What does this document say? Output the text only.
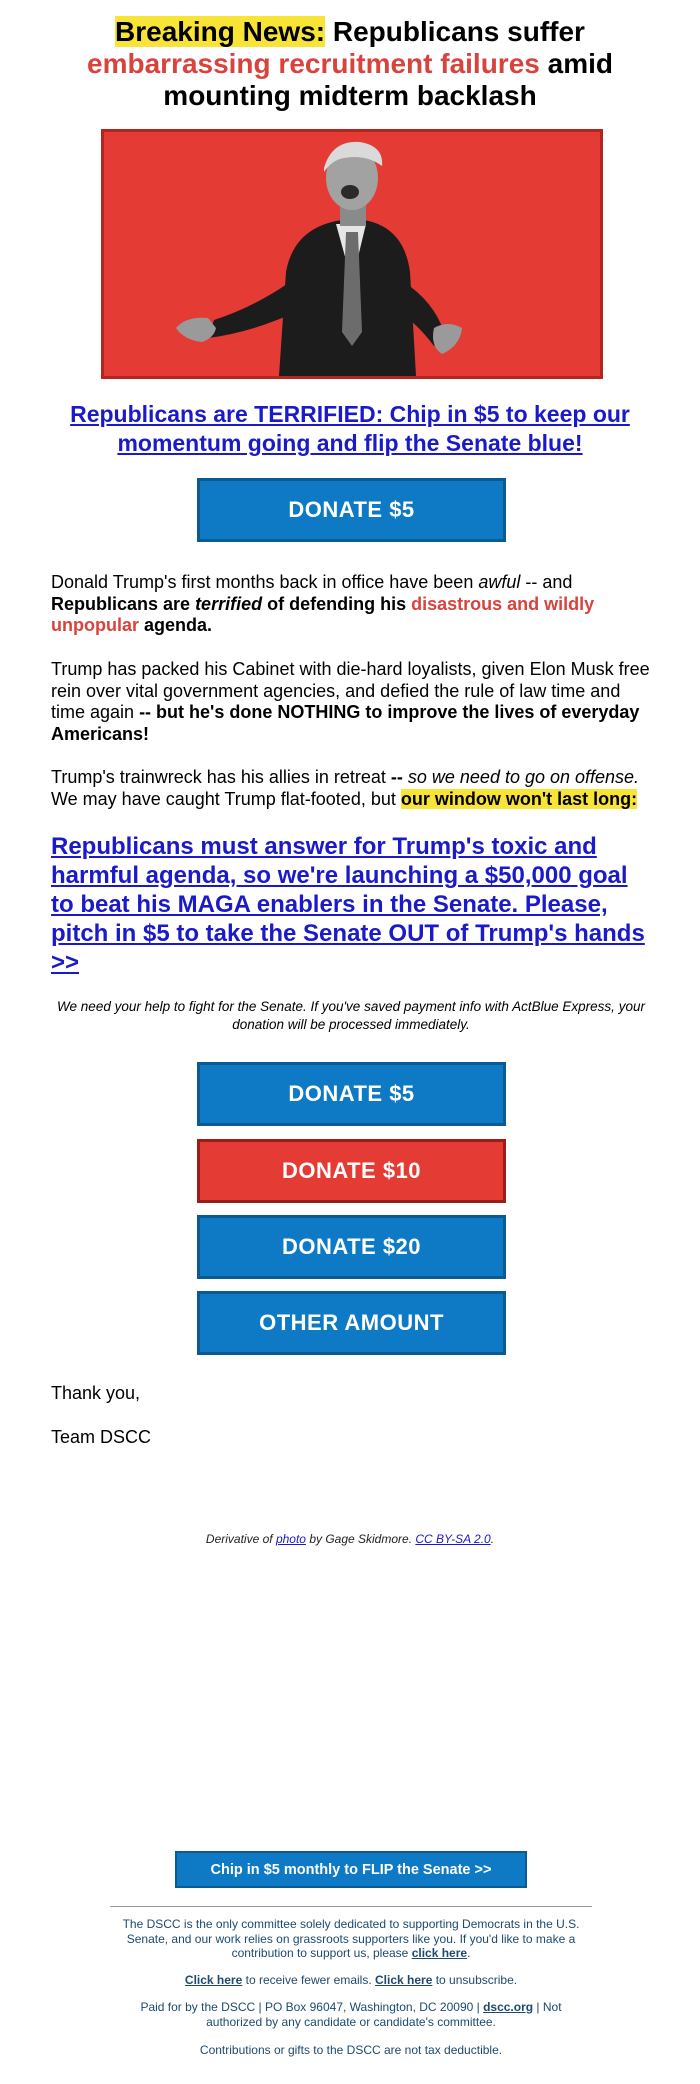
Breaking News: Republicans suffer embarrassing recruitment failures amid mounting midterm backlash
Republicans are TERRIFIED: Chip in $5 to keep our momentum going and flip the Senate blue!
DONATE $5
Donald Trump's first months back in office have been awful -- and Republicans are terrified of defending his disastrous and wildly unpopular agenda.
Trump has packed his Cabinet with die-hard loyalists, given Elon Musk free rein over vital government agencies, and defied the rule of law time and time again -- but he's done NOTHING to improve the lives of everyday Americans!
Trump's trainwreck has his allies in retreat -- so we need to go on offense. We may have caught Trump flat-footed, but our window won't last long:
Republicans must answer for Trump's toxic and harmful agenda, so we're launching a $50,000 goal to beat his MAGA enablers in the Senate. Please, pitch in $5 to take the Senate OUT of Trump's hands >>
We need your help to fight for the Senate. If you've saved payment info with ActBlue Express, your donation will be processed immediately.
DONATE $5
DONATE $10
DONATE $20
OTHER AMOUNT
Thank you,
Team DSCC
Derivative of photo by Gage Skidmore. CC BY-SA 2.0.
Chip in $5 monthly to FLIP the Senate >>
The DSCC is the only committee solely dedicated to supporting Democrats in the U.S. Senate, and our work relies on grassroots supporters like you. If you'd like to make a contribution to support us, please click here.
Click here to receive fewer emails. Click here to unsubscribe.
Paid for by the DSCC | PO Box 96047, Washington, DC 20090 | dscc.org | Not authorized by any candidate or candidate's committee.
Contributions or gifts to the DSCC are not tax deductible.
